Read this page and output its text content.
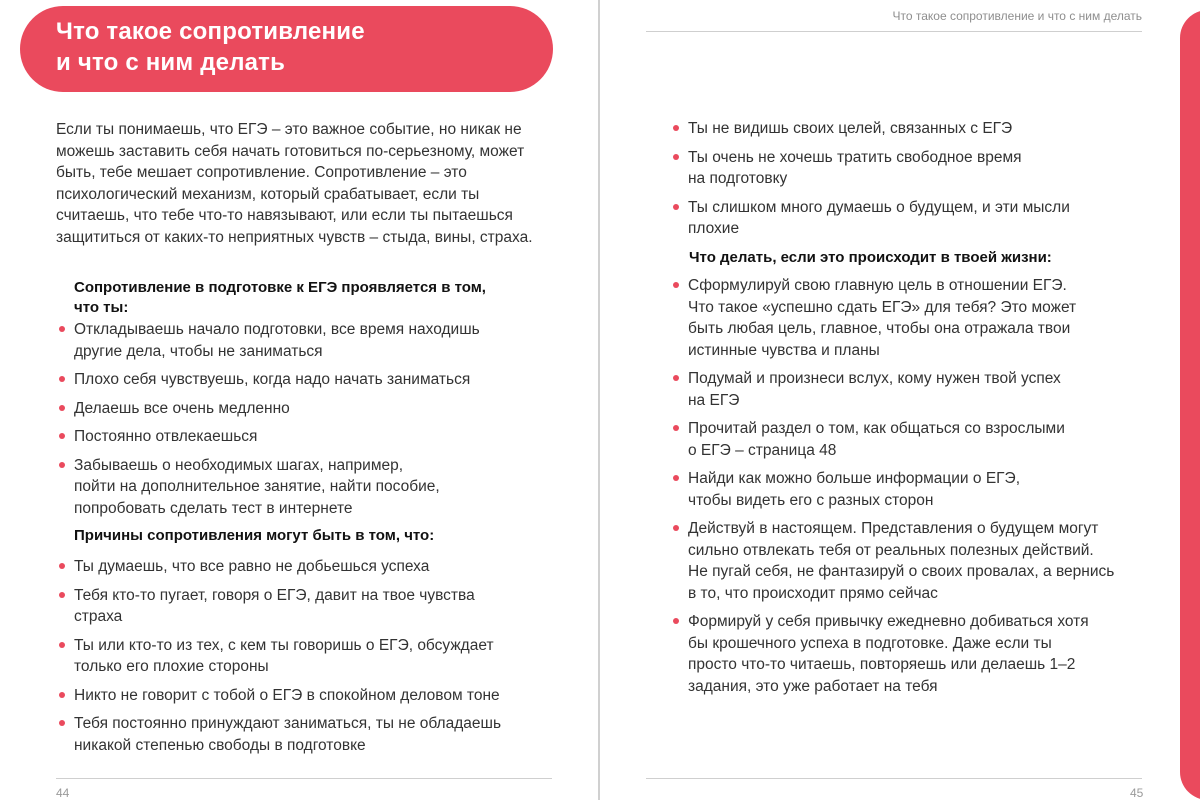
Что такое сопротивление
и что с ним делать
Если ты понимаешь, что ЕГЭ – это важное событие, но никак не можешь заставить себя начать готовиться по-серьезному, может быть, тебе мешает сопротивление. Сопротивление – это психологический механизм, который срабатывает, если ты считаешь, что тебе что-то навязывают, или если ты пытаешься защититься от каких-то неприятных чувств – стыда, вины, страха.
Сопротивление в подготовке к ЕГЭ проявляется в том,
что ты:
Откладываешь начало подготовки, все время находишь
другие дела, чтобы не заниматься
Плохо себя чувствуешь, когда надо начать заниматься
Делаешь все очень медленно
Постоянно отвлекаешься
Забываешь о необходимых шагах, например,
пойти на дополнительное занятие, найти пособие,
попробовать сделать тест в интернете
Причины сопротивления могут быть в том, что:
Ты думаешь, что все равно не добьешься успеха
Тебя кто-то пугает, говоря о ЕГЭ, давит на твое чувства
страха
Ты или кто-то из тех, с кем ты говоришь о ЕГЭ, обсуждает
только его плохие стороны
Никто не говорит с тобой о ЕГЭ в спокойном деловом тоне
Тебя постоянно принуждают заниматься, ты не обладаешь
никакой степенью свободы в подготовке
44
Что такое сопротивление и что с ним делать
Ты не видишь своих целей, связанных с ЕГЭ
Ты очень не хочешь тратить свободное время
на подготовку
Ты слишком много думаешь о будущем, и эти мысли
плохие
Что делать, если это происходит в твоей жизни:
Сформулируй свою главную цель в отношении ЕГЭ.
Что такое «успешно сдать ЕГЭ» для тебя? Это может
быть любая цель, главное, чтобы она отражала твои
истинные чувства и планы
Подумай и произнеси вслух, кому нужен твой успех
на ЕГЭ
Прочитай раздел о том, как общаться со взрослыми
о ЕГЭ – страница 48
Найди как можно больше информации о ЕГЭ,
чтобы видеть его с разных сторон
Действуй в настоящем. Представления о будущем могут
сильно отвлекать тебя от реальных полезных действий.
Не пугай себя, не фантазируй о своих провалах, а вернись
в то, что происходит прямо сейчас
Формируй у себя привычку ежедневно добиваться хотя
бы крошечного успеха в подготовке. Даже если ты
просто что-то читаешь, повторяешь или делаешь 1–2
задания, это уже работает на тебя
45
